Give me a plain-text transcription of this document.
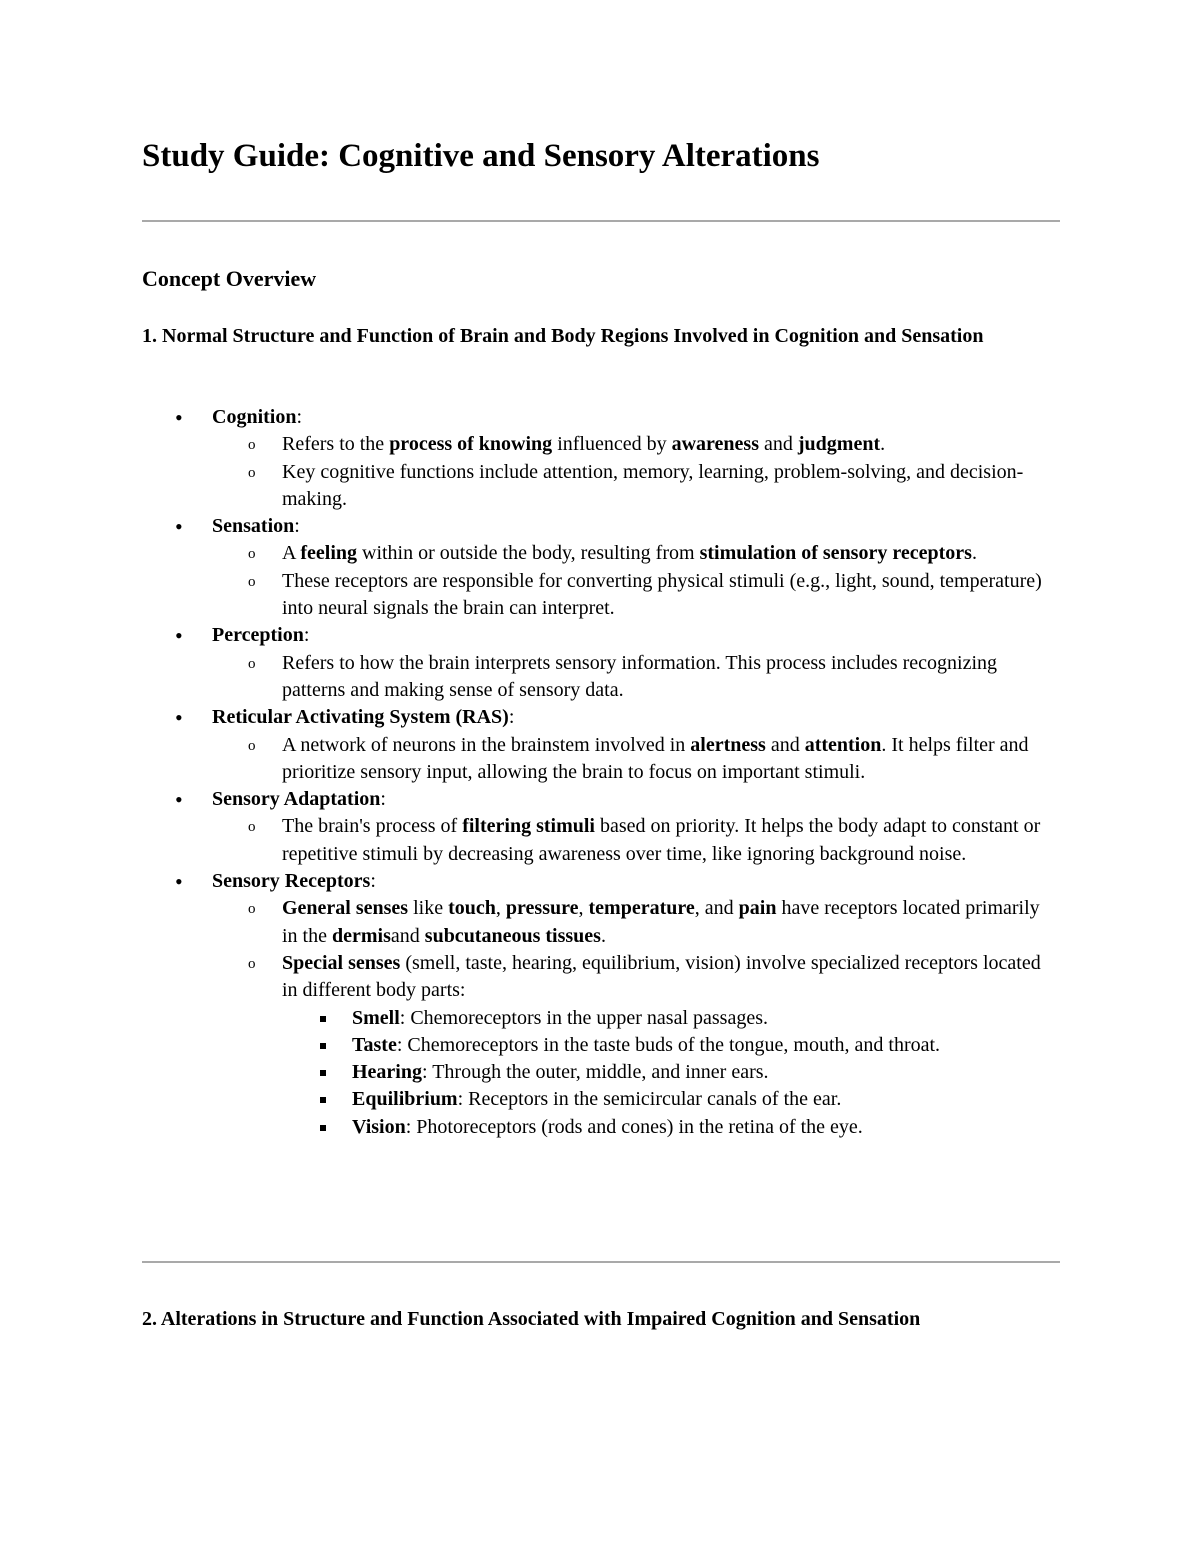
Study Guide: Cognitive and Sensory Alterations
Concept Overview
1. Normal Structure and Function of Brain and Body Regions Involved in Cognition and Sensation
• Cognition:
o Refers to the process of knowing influenced by awareness and judgment.
o Key cognitive functions include attention, memory, learning, problem-solving, and decision-making.
• Sensation:
o A feeling within or outside the body, resulting from stimulation of sensory receptors.
o These receptors are responsible for converting physical stimuli (e.g., light, sound, temperature) into neural signals the brain can interpret.
• Perception:
o Refers to how the brain interprets sensory information. This process includes recognizing patterns and making sense of sensory data.
• Reticular Activating System (RAS):
o A network of neurons in the brainstem involved in alertness and attention. It helps filter and prioritize sensory input, allowing the brain to focus on important stimuli.
• Sensory Adaptation:
o The brain's process of filtering stimuli based on priority. It helps the body adapt to constant or repetitive stimuli by decreasing awareness over time, like ignoring background noise.
• Sensory Receptors:
o General senses like touch, pressure, temperature, and pain have receptors located primarily in the dermisand subcutaneous tissues.
o Special senses (smell, taste, hearing, equilibrium, vision) involve specialized receptors located in different body parts:
Smell: Chemoreceptors in the upper nasal passages.
Taste: Chemoreceptors in the taste buds of the tongue, mouth, and throat.
Hearing: Through the outer, middle, and inner ears.
Equilibrium: Receptors in the semicircular canals of the ear.
Vision: Photoreceptors (rods and cones) in the retina of the eye.
2. Alterations in Structure and Function Associated with Impaired Cognition and Sensation
